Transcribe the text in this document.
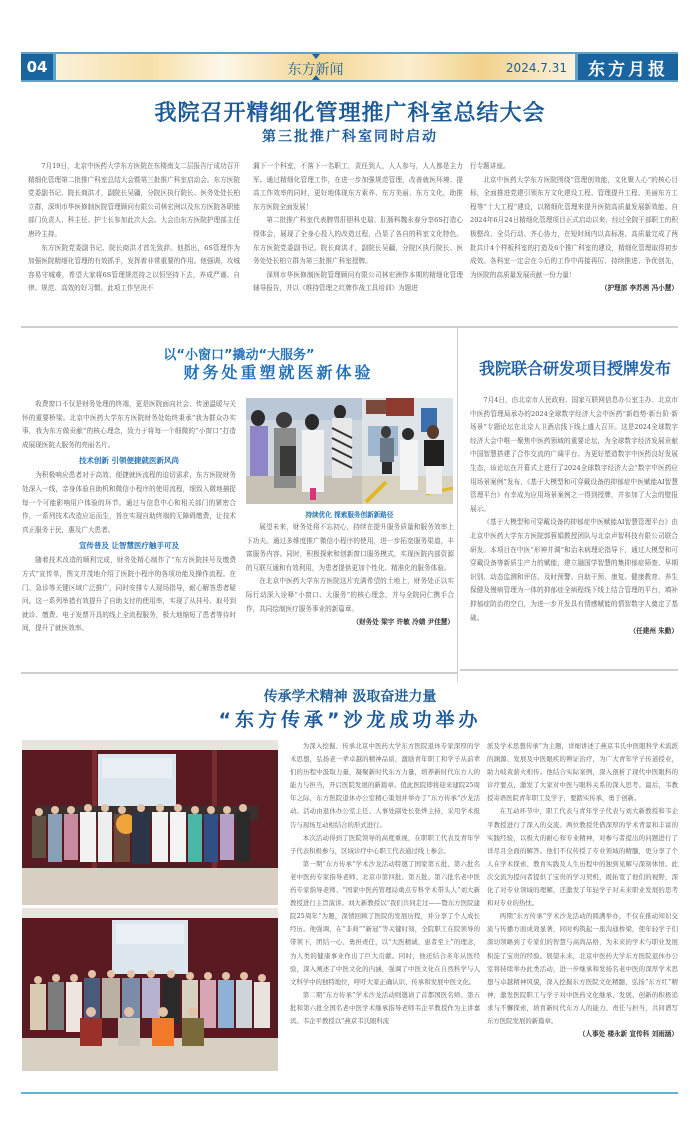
04	东方新闻	2024.7.31	东方月报
我院召开精细化管理推广科室总结大会
第三批推广科室同时启动

7月19日，北京中医药大学东方医院在东楼南支二层报告厅成功召开精细化管理第二批推广科室总结大会暨第三批推广科室启动会。东方医院党委副书记、院长商洪才，副院长吴疆，分院区执行院长、医务处处长柏立群，深圳市华医修制医院管理顾问有限公司林宏洲以及东方医院各职能部门负责人、科主任、护士长参加此次大会。大会由东方医院护理部主任唐玲主持。

东方医院党委副书记、院长商洪才首先致辞。他指出，6S管理作为加强医院精细化管理的有效抓手，发挥着非常重要的作用。他强调，攻城容易守城难，希望大家将6S管理规范持之以恒坚持下去，养成严谨、自律、规范、高效的好习惯。此项工作坚决不

漏下一个科室，不落下一名职工，责任到人，人人参与，人人都是主力军。通过精细化管理工作，在进一步加强规范管理，改善就医环境、提高工作效率的同时，更好地体现东方素养、东方美丽、东方文化，助推东方医院全面发展！

第二批推广科室代表脾胃肝胆科史瑞、肛肠科魏永春分享6S打造心得体会，展现了全身心投入的改造过程，凸显了各自的科室文化特色。东方医院党委副书记、院长商洪才，副院长吴疆，分院区执行院长、医务处处长柏立群为第三批推广科室授牌。

深圳市华医修制医院管理顾问有限公司林宏洲作本期的精细化管理辅导报告，并以《维持管理之红牌作战工具培训》为题进

行专题讲座。

北京中医药大学东方医院围绕“管理创效能，文化聚人心”的核心目标，全面推进党建引领东方文化建设工程、管理提升工程、美丽东方工程等“十大工程”建设，以精细化管理来提升医院高质量发展新效能。自2024年6月24日精细化管理项目正式启动以来，经过全院干部职工的积极整改、全员行动、齐心协力，在短时间内以高标准、高质量完成了两批共计4个样板科室的打造及6个推广科室的建设，精细化管理取得初步成效。各科室一定会在今后的工作中再接再厉、持续推进、争优创先，为医院的高质量发展贡献一份力量！

（护理部 李苏茜 冯小慧）

以“小窗口”撬动“大服务”
财务处重塑就医新体验

收费窗口不仅是财务处理的终端，更是医院面向社会、传递温暖与关怀的重要桥梁。北京中医药大学东方医院财务处始终秉承“我为群众办实事，我为东方做贡献”的核心理念，致力于将每一个细微的“小窗口”打造成展现医院大服务的亮丽名片。

技术创新 引领便捷就医新风尚

为积极响应患者对于高效、便捷就医流程的迫切需求，东方医院财务处深入一线，亲身体验自助机和微信小程序的使用流程，细致入微地捕捉每一个可能影响用户体验的环节。通过与信息中心和相关部门的紧密合作，一系列技术改造应运而生，旨在实现自助终端的无障碍缴费，让技术真正服务于民，惠及广大患者。

宣传普及 让智慧医疗触手可及

随着技术改造的顺利完成，财务处精心制作了“东方医院挂号及缴费方式”宣传单，图文并茂地介绍了医院小程序的各项功能及操作流程。在门、急诊等关键区域广泛推广，同时安排专人现场指导，耐心解答患者疑问。这一系列举措有效提升了自助支付的使用率，实现了从挂号、取号到就诊、缴费、电子发票开具的线上全流程服务，极大地缩短了患者等待时间，提升了就医效率。

持续优化 探索服务创新新路径

展望未来，财务处将不忘初心，持续在提升服务质量和服务效率上下功夫。通过多维度推广微信小程序的使用，进一步拓宽服务渠道，丰富服务内容。同时，积极探索和创新窗口服务模式，实现医院内部资源的互联互通和有效利用，为患者提供更加个性化、精准化的服务体验。

在北京中医药大学东方医院这片充满希望的土地上，财务处正以实际行动深入诠释“小窗口、大服务”的核心理念，并与全院同仁携手合作，共同绘制医疗服务事业的新篇章。

（财务处 梁宇 许敏 冷婧 尹佳慧）

我院联合研发项目授牌发布

7月4日，由北京市人民政府、国家互联网信息办公室主办、北京市中医药管理局承办的2024全球数字经济大会中医药“新趋势·新台阶·新场景”专题论坛在北京人卫酒店线下线上盛大召开。这是2024全球数字经济大会中唯一聚焦中医药领域的重要论坛，为全球数字经济发展贡献中国智慧搭建了合作交流的广阔平台。为更好塑造数字中医药良好发展生态，该论坛在开幕式上进行了2024全球数字经济大会“数字中医药应用场景案例”发布，《基于大模型和可穿戴设备的抑郁症中医赋能AI智慧管理平台》有幸成为应用场景案例之一得到授牌，并参加了大会的壁报展示。

《基于大模型和可穿戴设备的抑郁症中医赋能AI智慧管理平台》由北京中医药大学东方医院郭蓉娟教授团队与北京声智科技有限公司联合研发。本项目在中医“形神并调”和治未病理论指导下，通过大模型和可穿戴设备等新质生产力的赋能，建立融国学智慧的集抑郁症筛查、早期识别、动态监测和评估、及时预警、自助干预、康复、健康教育、养生保健及慢病管理为一体的抑郁症全病程线下线上结合管理的平台，填补抑郁症防治的空白，为进一步开发具有情感赋能的情智数字人奠定了基础。

（任建州 朱勤）

传承学术精神 汲取奋进力量
“东方传承”沙龙成功举办

为深入挖掘、传承北京中医药大学东方医院退休专家深厚的学术思想，弘扬老一辈卓越的精神品质，激励青年职工和学子从前辈们的历程中汲取力量，凝聚新时代东方力量，培养新时代东方人的能力与担当，开启医院发展的新篇章。值此医院即将迎来建院25周年之际，东方医院退休办公室精心策划并举办了“东方传承”沙龙活动。活动由退休办公室主任、人事处副处长张烨主持，采用学术报告与现场互动相结合的形式进行。

本次活动得到了医院领导的高度重视，在职职工代表及青年学子代表积极参与，区域诊疗中心职工代表通过线上参会。

第一期“东方传承”学术沙龙活动特邀了国家第五批、第六批名老中医药专家指导老师、北京市第四批、第五批、第六批名老中医药专家指导老师、“国家中医药管理局重点专科学术带头人”刘大新教授进行主旨演讲。刘大新教授以“我们共同走过——暨东方医院建院25周年”为题，深情回顾了医院的发展历程，并分享了个人成长经历。他强调，在“非典”“新冠”等关键时刻，全院职工在院领导的带领下，团结一心、勇担责任，以“大医精诚、患者至上”的理念，为人类的健康事业作出了巨大贡献。同时，他还结合多年从医经验，深入阐述了中医文化的内涵，强调了中医文化在自然科学与人文科学中的独特地位，呼吁大家正确认识、传承和发展中医文化。

第二期“东方传承”学术沙龙活动则邀请了首都国医名师、第五批和第六批全国名老中医学术继承指导老师韦企平教授作为主讲嘉宾。韦企平教授以“燕京韦氏眼科流

派及学术思想传承”为主题，详细讲述了燕京韦氏中医眼科学术流派的渊源、发展及中医眼疾的辨证治疗，为广大青年学子传道授业，助力岐黄薪火相传。他结合实际案例，深入剖析了现代中医眼科的诊疗要点，激发了大家对中医与眼科关系的深入思考。最后，韦教授寄语医院青年职工及学子，要踏实传承，勇于创新。

在互动环节中，职工代表与青年学子代表与刘大新教授和韦企平教授进行了深入的交流。两位教授凭借深厚的学术背景和丰富的实践经验，以极大的耐心和专业精神，对参与者提出的问题进行了详尽且全面的解答。他们不仅传授了专业领域的精髓，更分享了个人在学术探索、教育实践及人生历程中的独到见解与深刻体悟。此次交流为提问者提供了宝贵的学习契机，既拓宽了他们的视野，深化了对专业领域的理解，还激发了年轻学子对未来职业发展的思考和对专业的热忱。

两期“东方传承”学术沙龙活动的圆满举办，不仅在推动知识交流与传播方面成效显著，同时构筑起一座沟通桥梁，使年轻学子们深切领略到了专家们的智慧与高尚品格，为未来的学术与职业发展积淀了宝贵的经验。展望未来，北京中医药大学东方医院退休办公室将持续举办此类活动，进一步继承和发扬名老中医的深厚学术思想与卓越精神风貌，深入挖掘东方医院文化精髓，弘扬“东方红”精神，激发医院职工与学子对中医药文化继承、发展、创新的积极追求与不懈探索，培育新时代东方人的能力、责任与担当，共同谱写东方医院发展的新篇章。

（人事处 楼永新 宣传科 刘雨涵）
